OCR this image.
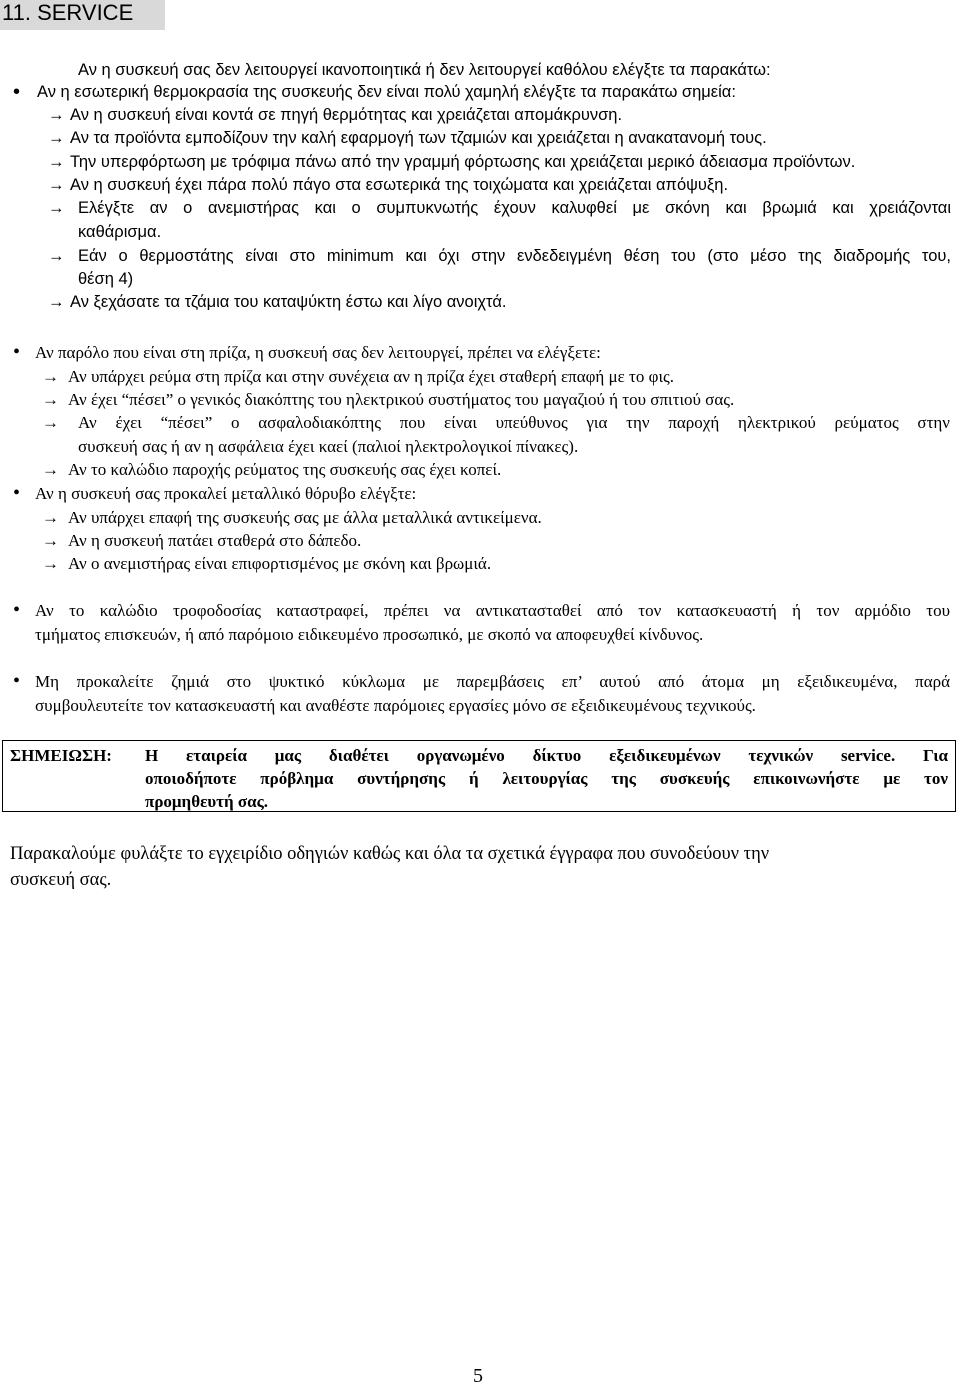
11. SERVICE
Αν η συσκευή σας δεν λειτουργεί ικανοποιητικά ή δεν λειτουργεί καθόλου ελέγξτε τα παρακάτω:
• Αν η εσωτερική θερμοκρασία της συσκευής δεν είναι πολύ χαμηλή ελέγξτε τα παρακάτω σημεία:
→ Αν η συσκευή είναι κοντά σε πηγή θερμότητας και χρειάζεται απομάκρυνση.
→ Αν τα προϊόντα εμποδίζουν την καλή εφαρμογή των τζαμιών και χρειάζεται η ανακατανομή τους.
→ Την υπερφόρτωση με τρόφιμα πάνω από την γραμμή φόρτωσης και χρειάζεται μερικό άδειασμα προϊόντων.
→ Αν η συσκευή έχει πάρα πολύ πάγο στα εσωτερικά της τοιχώματα και χρειάζεται απόψυξη.
→ Ελέγξτε αν ο ανεμιστήρας και ο συμπυκνωτής έχουν καλυφθεί με σκόνη και βρωμιά και χρειάζονται
καθάρισμα.
→ Εάν ο θερμοστάτης είναι στο minimum και όχι στην ενδεδειγμένη θέση του (στο μέσο της διαδρομής του,
θέση 4)
→ Αν ξεχάσατε τα τζάμια του καταψύκτη έστω και λίγο ανοιχτά.
• Αν παρόλο που είναι στη πρίζα, η συσκευή σας δεν λειτουργεί, πρέπει να ελέγξετε:
→ Αν υπάρχει ρεύμα στη πρίζα και στην συνέχεια αν η πρίζα έχει σταθερή επαφή με το φις.
→ Αν έχει “πέσει” ο γενικός διακόπτης του ηλεκτρικού συστήματος του μαγαζιού ή του σπιτιού σας.
→	Αν έχει “πέσει” ο ασφαλοδιακόπτης που είναι υπεύθυνος για την παροχή ηλεκτρικού ρεύματος στην
συσκευή σας ή αν η ασφάλεια έχει καεί (παλιοί ηλεκτρολογικοί πίνακες).
→ Αν το καλώδιο παροχής ρεύματος της συσκευής σας έχει κοπεί.
• Αν η συσκευή σας προκαλεί μεταλλικό θόρυβο ελέγξτε:
→ Αν υπάρχει επαφή της συσκευής σας με άλλα μεταλλικά αντικείμενα.
→ Αν η συσκευή πατάει σταθερά στο δάπεδο.
→ Αν ο ανεμιστήρας είναι επιφορτισμένος με σκόνη και βρωμιά.
• Αν το καλώδιο τροφοδοσίας καταστραφεί, πρέπει να αντικατασταθεί από τον κατασκευαστή ή τον αρμόδιο του
τμήματος επισκευών, ή από παρόμοιο ειδικευμένο προσωπικό, με σκοπό να αποφευχθεί κίνδυνος.
• Μη προκαλείτε ζημιά στο ψυκτικό κύκλωμα με παρεμβάσεις επ’ αυτού από άτομα μη εξειδικευμένα, παρά
συμβουλευτείτε τον κατασκευαστή και αναθέστε παρόμοιες εργασίες μόνο σε εξειδικευμένους τεχνικούς.
ΣΗΜΕΙΩΣΗ: Η εταιρεία μας διαθέτει οργανωμένο δίκτυο εξειδικευμένων τεχνικών service. Για
οποιοδήποτε πρόβλημα συντήρησης ή λειτουργίας της συσκευής επικοινωνήστε με τον
προμηθευτή σας.
Παρακαλούμε φυλάξτε το εγχειρίδιο οδηγιών καθώς και όλα τα σχετικά έγγραφα που συνοδεύουν την
συσκευή σας.
5
